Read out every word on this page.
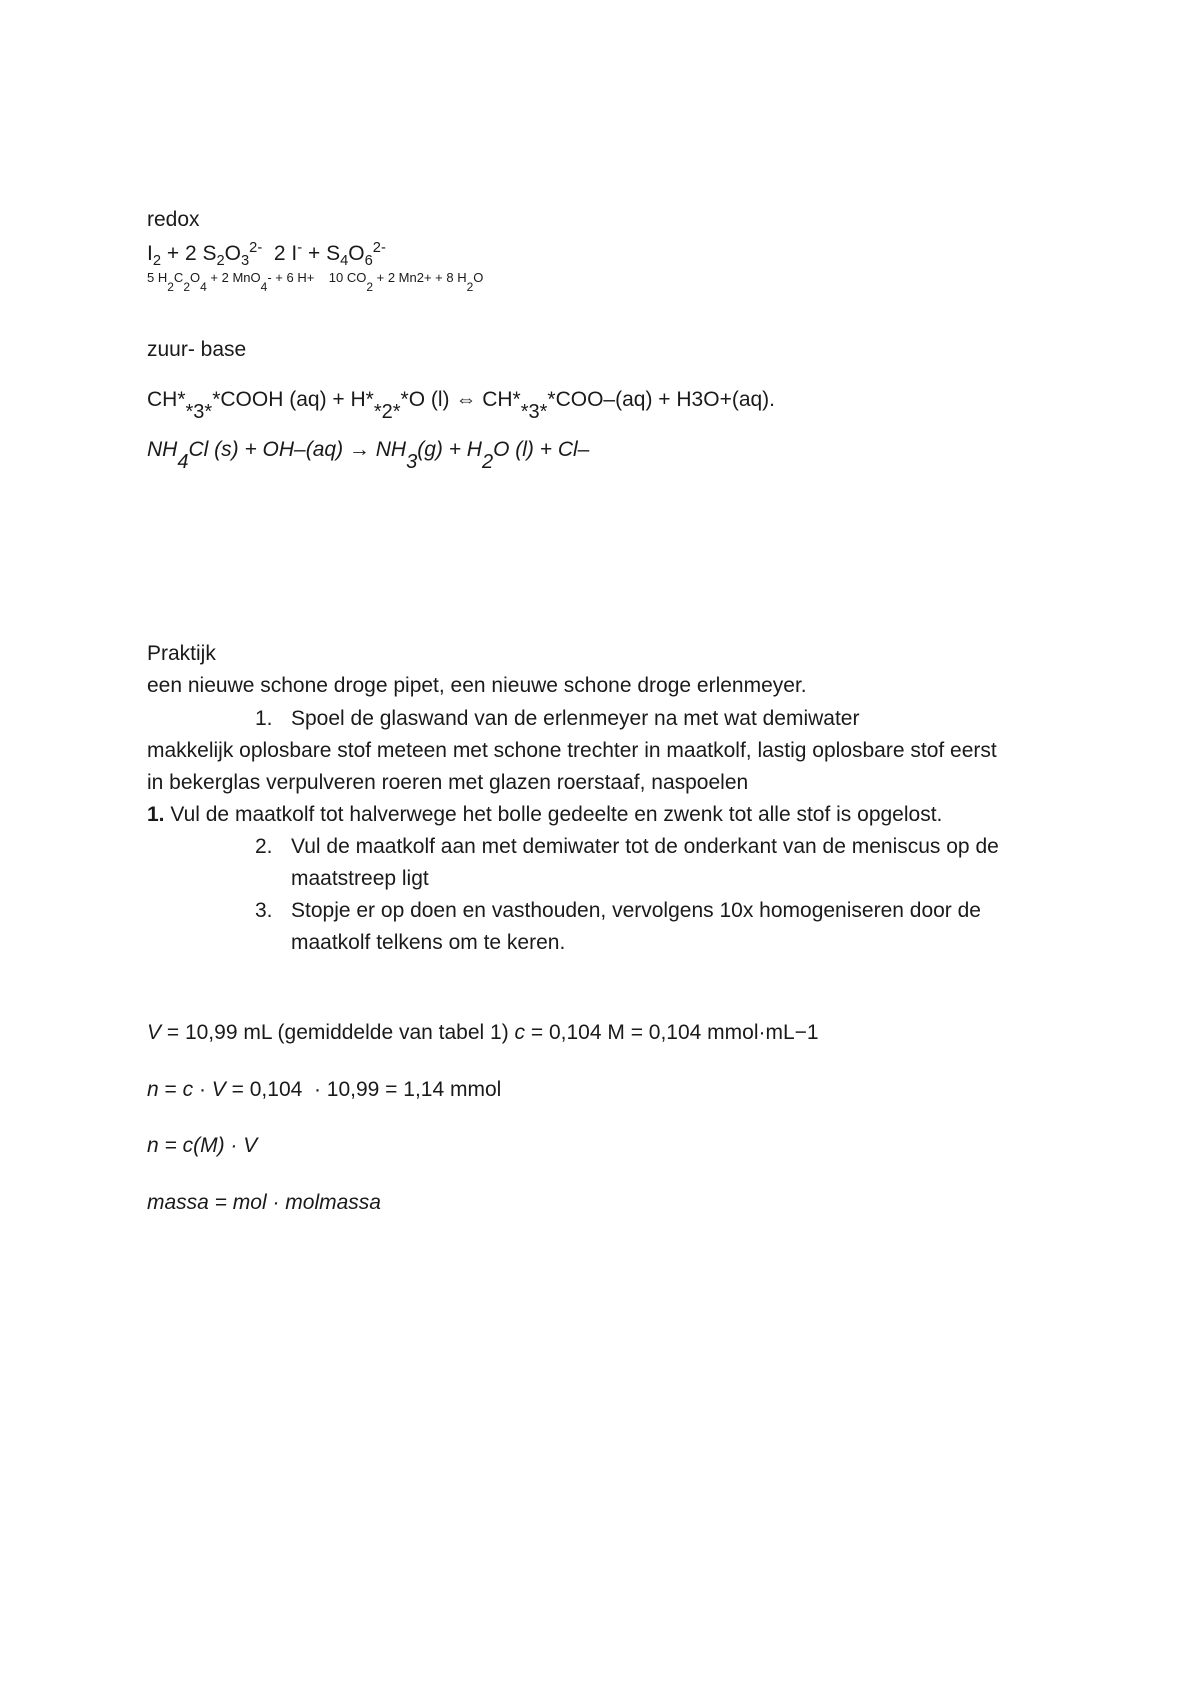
redox
$I_2 + 2$ $S_2O_3^{2-}$  2 $I^- + S_4O_6^{2-}$
5 H2C2O4 + 2 MnO4- + 6 H+    10 CO2 + 2 Mn2+ + 8 H2O
zuur- base
CH**3**COOH (aq) + H**2**O (l) ⇔ CH**3**COO–(aq) + H3O+(aq).
NH4Cl (s) + OH–(aq) → NH3(g) + H2O (l) + Cl–
Praktijk
een nieuwe schone droge pipet, een nieuwe schone droge erlenmeyer.
1. Spoel de glaswand van de erlenmeyer na met wat demiwater
makkelijk oplosbare stof meteen met schone trechter in maatkolf, lastig oplosbare stof eerst
in bekerglas verpulveren roeren met glazen roerstaaf, naspoelen
1. Vul de maatkolf tot halverwege het bolle gedeelte en zwenk tot alle stof is opgelost.
2. Vul de maatkolf aan met demiwater tot de onderkant van de meniscus op de
maatstreep ligt
3. Stopje er op doen en vasthouden, vervolgens 10x homogeniseren door de
maatkolf telkens om te keren.
V = 10,99 mL (gemiddelde van tabel 1) c = 0,104 M = 0,104 mmol·mL−1
n = c · V = 0,104  · 10,99 = 1,14 mmol
n = c(M) · V
massa = mol · molmassa
